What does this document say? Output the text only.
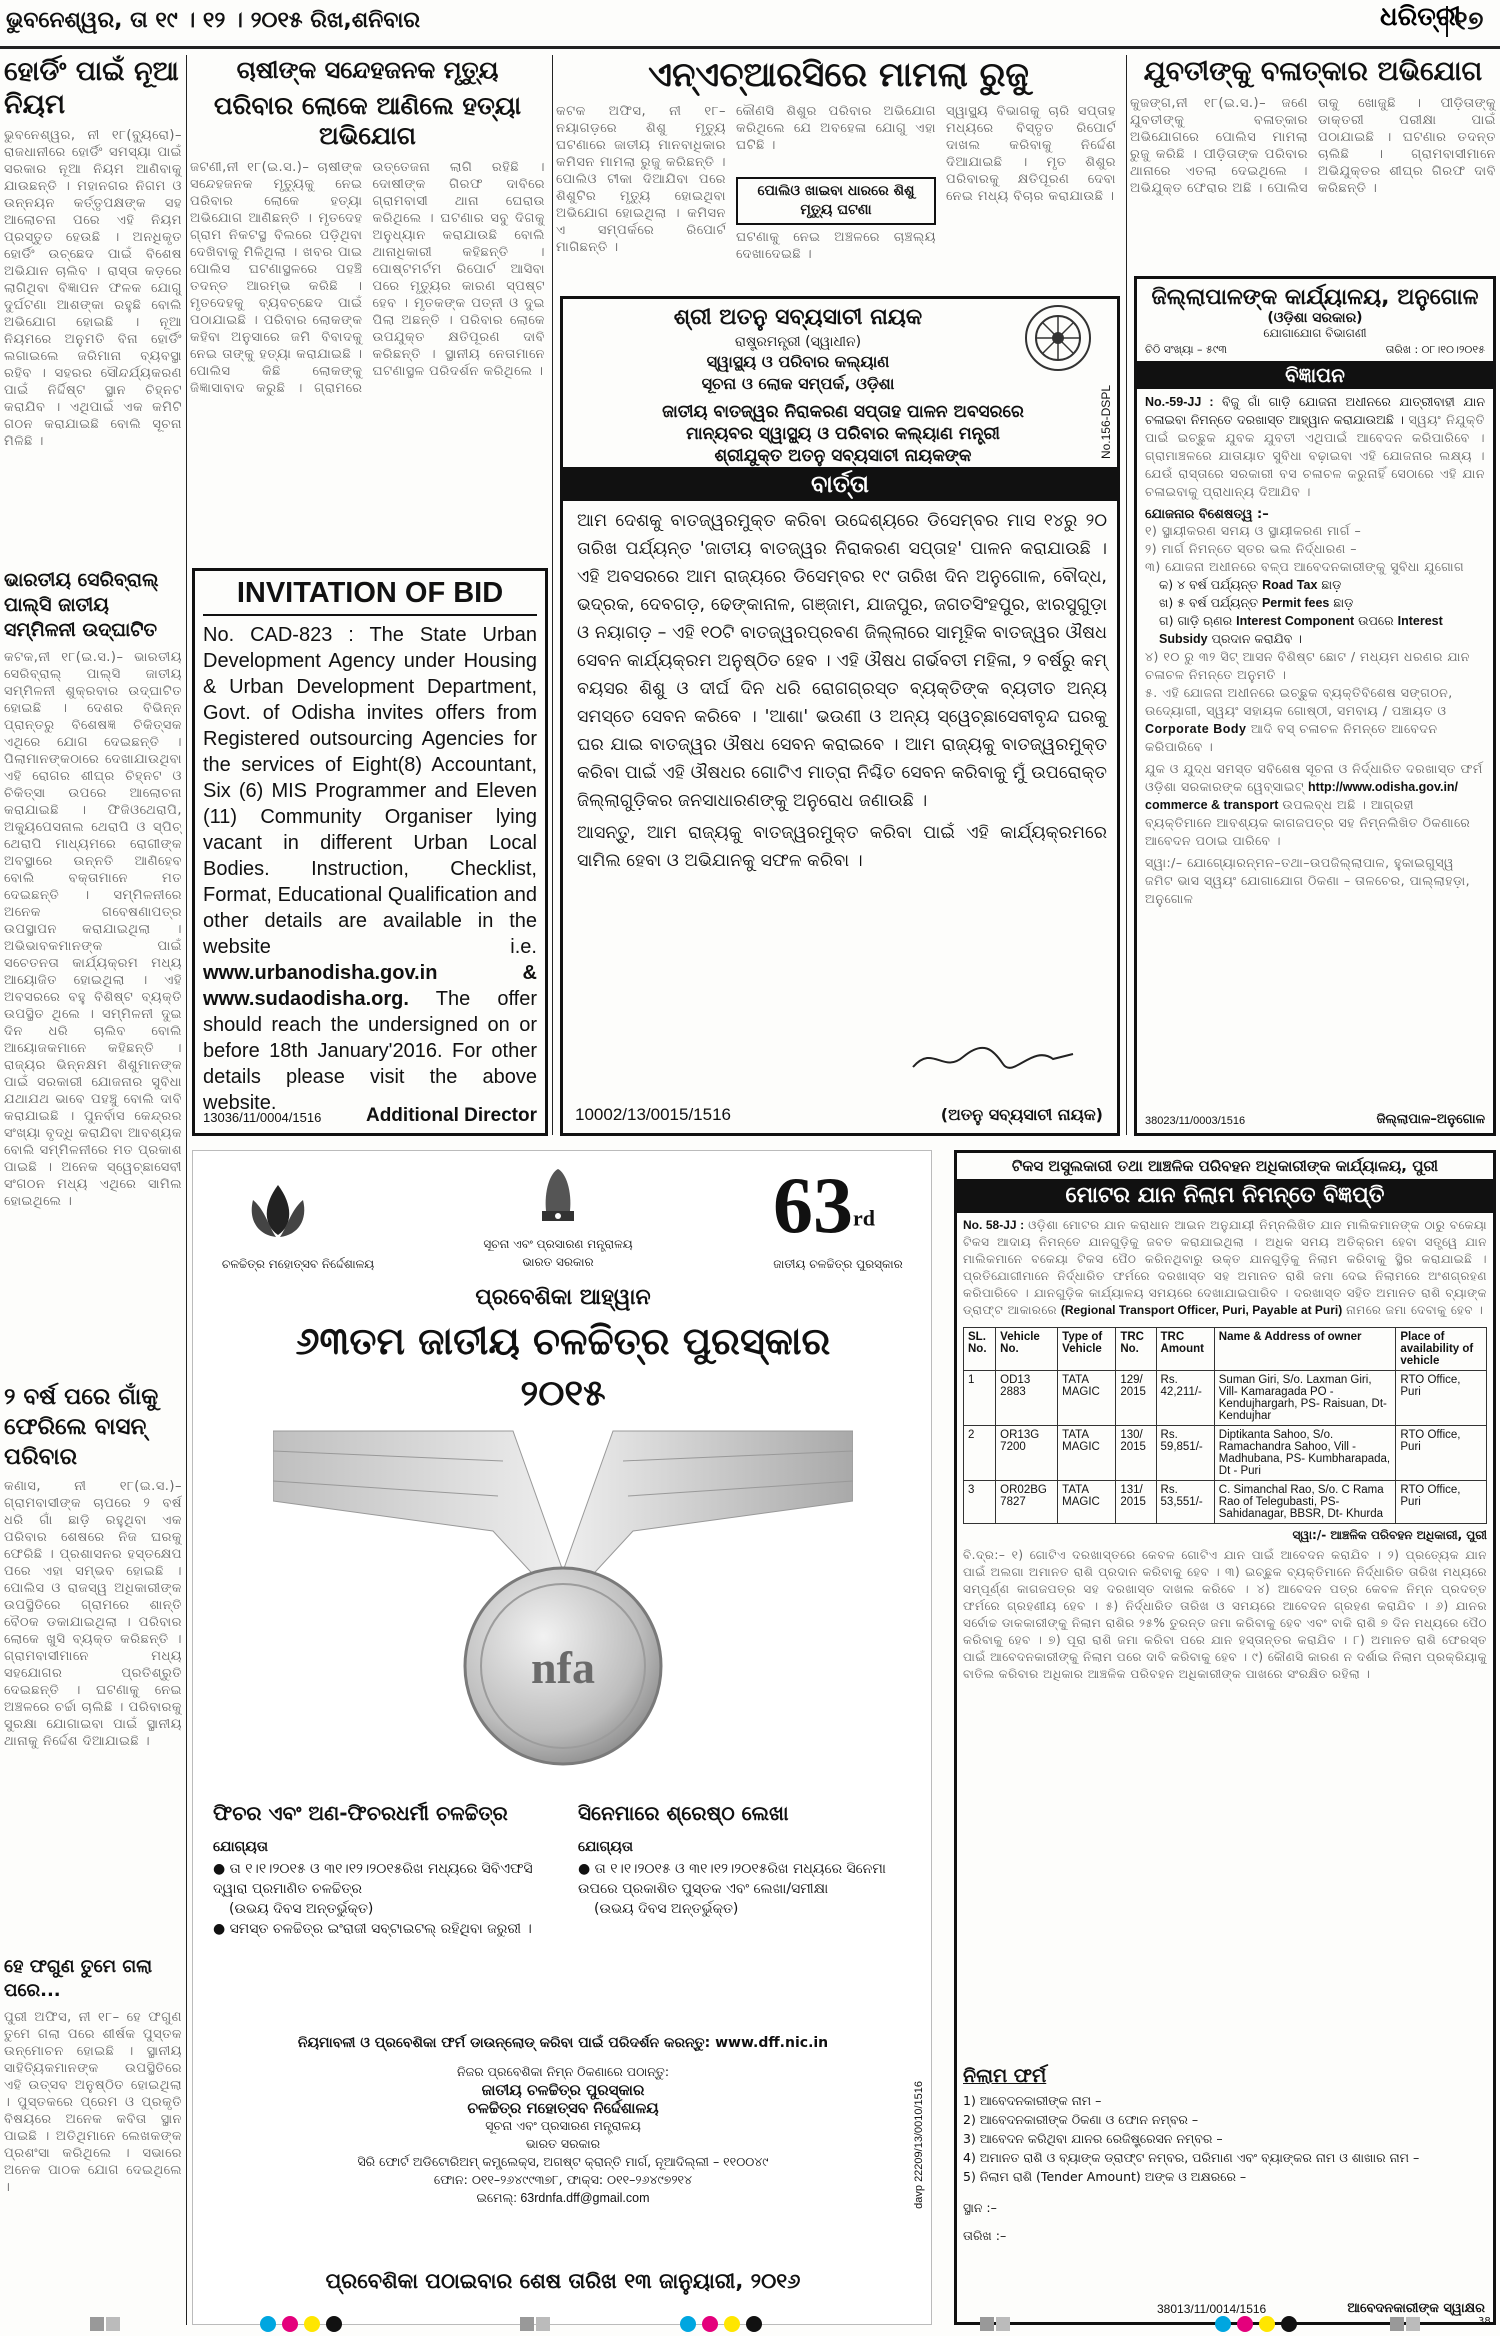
ଭୁବନେଶ୍ୱର, ତା ୧୯ । ୧୨ । ୨୦୧୫ ରିଖ,ଶନିବାର	ଧରିତ୍ରୀ
୧୭
ହୋର୍ଡିଂ ପାଇଁ ନୂଆ ନିୟମ
ଭୁବନେଶ୍ୱର, ନୀ ୧୮(ବ୍ୟୁରୋ)– ରାଜଧାନୀରେ ହୋର୍ଡିଂ ସମସ୍ୟା ପାଇଁ ସରକାର ନୂଆ ନିୟମ ଆଣିବାକୁ ଯାଉଛନ୍ତି । ମହାନଗର ନିଗମ ଓ ଉନ୍ନୟନ କର୍ତ୍ତୃପକ୍ଷଙ୍କ ସହ ଆଲୋଚନା ପରେ ଏହି ନିୟମ ପ୍ରସ୍ତୁତ ହେଉଛି । ଅନଧିକୃତ ହୋର୍ଡିଂ ଉଚ୍ଛେଦ ପାଇଁ ବିଶେଷ ଅଭିଯାନ ଚାଲିବ । ରାସ୍ତା କଡ଼ରେ ଲାଗିଥିବା ବିଜ୍ଞାପନ ଫଳକ ଯୋଗୁ ଦୁର୍ଘଟଣା ଆଶଙ୍କା ରହୁଛି ବୋଲି ଅଭିଯୋଗ ହୋଇଛି । ନୂଆ ନିୟମରେ ଅନୁମତି ବିନା ହୋର୍ଡିଂ ଲଗାଇଲେ ଜରିମାନା ବ୍ୟବସ୍ଥା ରହିବ । ସହରର ସୌନ୍ଦର୍ଯ୍ୟକରଣ ପାଇଁ ନିର୍ଦ୍ଦିଷ୍ଟ ସ୍ଥାନ ଚିହ୍ନଟ କରାଯିବ । ଏଥିପାଇଁ ଏକ କମିଟି ଗଠନ କରାଯାଇଛି ବୋଲି ସୂଚନା ମିଳିଛି ।
ଭାରତୀୟ ସେରିବ୍ରାଲ୍ ପାଲ୍ସି ଜାତୀୟ ସମ୍ମିଳନୀ ଉଦ୍‌ଘାଟିତ
କଟକ,ନୀ ୧୮(ଇ.ସ.)– ଭାରତୀୟ ସେରିବ୍ରାଲ୍ ପାଲ୍ସି ଜାତୀୟ ସମ୍ମିଳନୀ ଶୁକ୍ରବାର ଉଦ୍‌ଘାଟିତ ହୋଇଛି । ଦେଶର ବିଭିନ୍ନ ପ୍ରାନ୍ତରୁ ବିଶେଷଜ୍ଞ ଚିକିତ୍ସକ ଏଥିରେ ଯୋଗ ଦେଇଛନ୍ତି । ପିଲାମାନଙ୍କଠାରେ ଦେଖାଯାଉଥିବା ଏହି ରୋଗର ଶୀଘ୍ର ଚିହ୍ନଟ ଓ ଚିକିତ୍ସା ଉପରେ ଆଲୋଚନା କରାଯାଇଛି । ଫିଜିଓଥେରାପି, ଅକ୍ୟୁପେସନାଲ ଥେରାପି ଓ ସ୍ପିଚ୍ ଥେରାପି ମାଧ୍ୟମରେ ରୋଗୀଙ୍କ ଅବସ୍ଥାରେ ଉନ୍ନତି ଆଣିହେବ ବୋଲି ବକ୍ତାମାନେ ମତ ଦେଇଛନ୍ତି । ସମ୍ମିଳନୀରେ ଅନେକ ଗବେଷଣାପତ୍ର ଉପସ୍ଥାପନ କରାଯାଇଥିଲା । ଅଭିଭାବକମାନଙ୍କ ପାଇଁ ସଚେତନତା କାର୍ଯ୍ୟକ୍ରମ ମଧ୍ୟ ଆୟୋଜିତ ହୋଇଥିଲା । ଏହି ଅବସରରେ ବହୁ ବିଶିଷ୍ଟ ବ୍ୟକ୍ତି ଉପସ୍ଥିତ ଥିଲେ । ସମ୍ମିଳନୀ ଦୁଇ ଦିନ ଧରି ଚାଲିବ ବୋଲି ଆୟୋଜକମାନେ କହିଛନ୍ତି । ରାଜ୍ୟର ଭିନ୍ନକ୍ଷମ ଶିଶୁମାନଙ୍କ ପାଇଁ ସରକାରୀ ଯୋଜନାର ସୁବିଧା ଯଥାଯଥ ଭାବେ ପହଞ୍ଚୁ ବୋଲି ଦାବି କରାଯାଇଛି । ପୁନର୍ବାସ କେନ୍ଦ୍ରର ସଂଖ୍ୟା ବୃଦ୍ଧି କରାଯିବା ଆବଶ୍ୟକ ବୋଲି ସମ୍ମିଳନୀରେ ମତ ପ୍ରକାଶ ପାଇଛି । ଅନେକ ସ୍ୱେଚ୍ଛାସେବୀ ସଂଗଠନ ମଧ୍ୟ ଏଥିରେ ସାମିଲ ହୋଇଥିଲେ ।
୨ ବର୍ଷ ପରେ ଗାଁକୁ ଫେରିଲେ ବାସନ୍ ପରିବାର
କଣାସ, ନୀ ୧୮(ଇ.ସ.)– ଗ୍ରାମବାସୀଙ୍କ ଚାପରେ ୨ ବର୍ଷ ଧରି ଗାଁ ଛାଡ଼ି ରହୁଥିବା ଏକ ପରିବାର ଶେଷରେ ନିଜ ଘରକୁ ଫେରିଛି । ପ୍ରଶାସନର ହସ୍ତକ୍ଷେପ ପରେ ଏହା ସମ୍ଭବ ହୋଇଛି । ପୋଲିସ ଓ ରାଜସ୍ୱ ଅଧିକାରୀଙ୍କ ଉପସ୍ଥିତିରେ ଗ୍ରାମରେ ଶାନ୍ତି ବୈଠକ ଡକାଯାଇଥିଲା । ପରିବାର ଲୋକେ ଖୁସି ବ୍ୟକ୍ତ କରିଛନ୍ତି । ଗ୍ରାମବାସୀମାନେ ମଧ୍ୟ ସହଯୋଗର ପ୍ରତିଶ୍ରୁତି ଦେଇଛନ୍ତି । ଘଟଣାକୁ ନେଇ ଅଞ୍ଚଳରେ ଚର୍ଚ୍ଚା ଚାଲିଛି । ପରିବାରକୁ ସୁରକ୍ଷା ଯୋଗାଇବା ପାଇଁ ସ୍ଥାନୀୟ ଥାନାକୁ ନିର୍ଦ୍ଦେଶ ଦିଆଯାଇଛି ।
ହେ ଫଗୁଣ ତୁମେ ଗଲା ପରେ...
ପୁରୀ ଅଫିସ, ନୀ ୧୮– ହେ ଫଗୁଣ ତୁମେ ଗଲା ପରେ ଶୀର୍ଷକ ପୁସ୍ତକ ଉନ୍ମୋଚନ ହୋଇଛି । ସ୍ଥାନୀୟ ସାହିତ୍ୟିକମାନଙ୍କ ଉପସ୍ଥିତିରେ ଏହି ଉତ୍ସବ ଅନୁଷ୍ଠିତ ହୋଇଥିଲା । ପୁସ୍ତକରେ ପ୍ରେମ ଓ ପ୍ରକୃତି ବିଷୟରେ ଅନେକ କବିତା ସ୍ଥାନ ପାଇଛି । ଅତିଥିମାନେ ଲେଖକଙ୍କ ପ୍ରଶଂସା କରିଥିଲେ । ସଭାରେ ଅନେକ ପାଠକ ଯୋଗ ଦେଇଥିଲେ ।
ଚାଷୀଙ୍କ ସନ୍ଦେହଜନକ ମୃତ୍ୟୁ
ପରିବାର ଲୋକେ ଆଣିଲେ ହତ୍ୟା ଅଭିଯୋଗ
ଜଟଣୀ,ନୀ ୧୮(ଇ.ସ.)– ଚାଷୀଙ୍କ ସନ୍ଦେହଜନକ ମୃତ୍ୟୁକୁ ନେଇ ପରିବାର ଲୋକେ ହତ୍ୟା ଅଭିଯୋଗ ଆଣିଛନ୍ତି । ମୃତଦେହ ଗ୍ରାମ ନିକଟସ୍ଥ ବିଲରେ ପଡ଼ିଥିବା ଦେଖିବାକୁ ମିଳିଥିଲା । ଖବର ପାଇ ପୋଲିସ ଘଟଣାସ୍ଥଳରେ ପହଞ୍ଚି ତଦନ୍ତ ଆରମ୍ଭ କରିଛି । ମୃତଦେହକୁ ବ୍ୟବଚ୍ଛେଦ ପାଇଁ ପଠାଯାଇଛି । ପରିବାର ଲୋକଙ୍କ କହିବା ଅନୁସାରେ ଜମି ବିବାଦକୁ ନେଇ ତାଙ୍କୁ ହତ୍ୟା କରାଯାଇଛି । ପୋଲିସ କିଛି ଲୋକଙ୍କୁ ଜିଜ୍ଞାସାବାଦ କରୁଛି । ଗ୍ରାମରେ ଉତ୍ତେଜନା ଲାଗି ରହିଛି । ଦୋଷୀଙ୍କ ଗିରଫ ଦାବିରେ ଗ୍ରାମବାସୀ ଥାନା ଘେରାଉ କରିଥିଲେ । ଘଟଣାର ସବୁ ଦିଗକୁ ଅନୁଧ୍ୟାନ କରାଯାଉଛି ବୋଲି ଥାନାଧିକାରୀ କହିଛନ୍ତି । ପୋଷ୍ଟମର୍ଟମ ରିପୋର୍ଟ ଆସିବା ପରେ ମୃତ୍ୟୁର କାରଣ ସ୍ପଷ୍ଟ ହେବ । ମୃତକଙ୍କ ପତ୍ନୀ ଓ ଦୁଇ ପିଲା ଅଛନ୍ତି । ପରିବାର ଲୋକେ ଉପଯୁକ୍ତ କ୍ଷତିପୂରଣ ଦାବି କରିଛନ୍ତି । ସ୍ଥାନୀୟ ନେତାମାନେ ଘଟଣାସ୍ଥଳ ପରିଦର୍ଶନ କରିଥିଲେ ।
INVITATION OF BID
No. CAD-823 : The State Urban Development Agency under Housing & Urban Development Department, Govt. of Odisha invites offers from Registered outsourcing Agencies for the services of Eight(8) Accountant, Six (6) MIS Programmer and Eleven (11) Community Organiser lying vacant in different Urban Local Bodies. Instruction, Checklist, Format, Educational Qualification and other details are available in the website i.e. www.urbanodisha.gov.in & www.sudaodisha.org. The offer should reach the undersigned on or before 18th January'2016. For other details please visit the above website.
13036/11/0004/1516 Additional Director
ଏନ୍‌ଏଚ୍‌ଆରସିରେ ମାମଲା ରୁଜୁ
କଟକ ଅଫିସ, ନୀ ୧୮– ନୟାଗଡ଼ରେ ଶିଶୁ ମୃତ୍ୟୁ ଘଟଣାରେ ଜାତୀୟ ମାନବାଧିକାର କମିସନ ମାମଲା ରୁଜୁ କରିଛନ୍ତି । ପୋଲିଓ ଟୀକା ଦିଆଯିବା ପରେ ଶିଶୁଟିର ମୃତ୍ୟୁ ହୋଇଥିବା ଅଭିଯୋଗ ହୋଇଥିଲା । କମିସନ ଏ ସମ୍ପର୍କରେ ରିପୋର୍ଟ ମାଗିଛନ୍ତି ।
କୌଣସି ଶିଶୁର ପରିବାର ଅଭିଯୋଗ କରିଥିଲେ ଯେ ଅବହେଳା ଯୋଗୁ ଏହା ଘଟିଛି ।
ପୋଲିଓ ଖାଇବା ଧାରରେ ଶିଶୁ ମୃତ୍ୟୁ ଘଟଣା
ଘଟଣାକୁ ନେଇ ଅଞ୍ଚଳରେ ଚାଞ୍ଚଲ୍ୟ ଦେଖାଦେଇଛି ।
ସ୍ୱାସ୍ଥ୍ୟ ବିଭାଗକୁ ଚାରି ସପ୍ତାହ ମଧ୍ୟରେ ବିସ୍ତୃତ ରିପୋର୍ଟ ଦାଖଲ କରିବାକୁ ନିର୍ଦ୍ଦେଶ ଦିଆଯାଇଛି । ମୃତ ଶିଶୁର ପରିବାରକୁ କ୍ଷତିପୂରଣ ଦେବା ନେଇ ମଧ୍ୟ ବିଚାର କରାଯାଉଛି ।
ଶ୍ରୀ ଅତନୁ ସବ୍ୟସାଚୀ ନାୟକ
ରାଷ୍ଟ୍ରମନ୍ତ୍ରୀ (ସ୍ୱାଧୀନ)
ସ୍ୱାସ୍ଥ୍ୟ ଓ ପରିବାର କଲ୍ୟାଣ
ସୂଚନା ଓ ଲୋକ ସମ୍ପର୍କ, ଓଡ଼ିଶା
No.156-DSPL
ଜାତୀୟ ବାତଜ୍ୱର ନିରାକରଣ ସପ୍ତାହ ପାଳନ ଅବସରରେ
ମାନ୍ୟବର ସ୍ୱାସ୍ଥ୍ୟ ଓ ପରିବାର କଲ୍ୟାଣ ମନ୍ତ୍ରୀ
ଶ୍ରୀଯୁକ୍ତ ଅତନୁ ସବ୍ୟସାଚୀ ନାୟକଙ୍କ
ବାର୍ତ୍ତା
ଆମ ଦେଶକୁ ବାତଜ୍ୱରମୁକ୍ତ କରିବା ଉଦ୍ଦେଶ୍ୟରେ ଡିସେମ୍ବର ମାସ ୧୪ରୁ ୨୦ ତାରିଖ ପର୍ଯ୍ୟନ୍ତ 'ଜାତୀୟ ବାତଜ୍ୱର ନିରାକରଣ ସପ୍ତାହ' ପାଳନ କରାଯାଉଛି । ଏହି ଅବସରରେ ଆମ ରାଜ୍ୟରେ ଡିସେମ୍ବର ୧୯ ତାରିଖ ଦିନ ଅନୁଗୋଳ, ବୌଦ୍ଧ, ଭଦ୍ରକ, ଦେବଗଡ଼, ଢେଙ୍କାନାଳ, ଗଞ୍ଜାମ, ଯାଜପୁର, ଜଗତସିଂହପୁର, ଝାରସୁଗୁଡ଼ା ଓ ନୟାଗଡ଼ – ଏହି ୧୦ଟି ବାତଜ୍ୱରପ୍ରବଣ ଜିଲ୍ଲାରେ ସାମୂହିକ ବାତଜ୍ୱର ଔଷଧ ସେବନ କାର୍ଯ୍ୟକ୍ରମ ଅନୁଷ୍ଠିତ ହେବ । ଏହି ଔଷଧ ଗର୍ଭବତୀ ମହିଳା, ୨ ବର୍ଷରୁ କମ୍ ବୟସର ଶିଶୁ ଓ ଦୀର୍ଘ ଦିନ ଧରି ରୋଗଗ୍ରସ୍ତ ବ୍ୟକ୍ତିଙ୍କ ବ୍ୟତୀତ ଅନ୍ୟ ସମସ୍ତେ ସେବନ କରିବେ । 'ଆଶା' ଭଉଣୀ ଓ ଅନ୍ୟ ସ୍ୱେଚ୍ଛାସେବୀବୃନ୍ଦ ଘରକୁ ଘର ଯାଇ ବାତଜ୍ୱର ଔଷଧ ସେବନ କରାଇବେ । ଆମ ରାଜ୍ୟକୁ ବାତଜ୍ୱରମୁକ୍ତ କରିବା ପାଇଁ ଏହି ଔଷଧର ଗୋଟିଏ ମାତ୍ରା ନିଶ୍ଚିତ ସେବନ କରିବାକୁ ମୁଁ ଉପରୋକ୍ତ ଜିଲ୍ଲାଗୁଡ଼ିକର ଜନସାଧାରଣଙ୍କୁ ଅନୁରୋଧ ଜଣାଉଛି ।
ଆସନ୍ତୁ, ଆମ ରାଜ୍ୟକୁ ବାତଜ୍ୱରମୁକ୍ତ କରିବା ପାଇଁ ଏହି କାର୍ଯ୍ୟକ୍ରମରେ ସାମିଲ ହେବା ଓ ଅଭିଯାନକୁ ସଫଳ କରିବା ।
10002/13/0015/1516	(ଅତନୁ ସବ୍ୟସାଚୀ ନାୟକ)
ଯୁବତୀଙ୍କୁ ବଳାତ୍କାର ଅଭିଯୋଗ
କୁଜଙ୍ଗ,ନୀ ୧୮(ଇ.ସ.)– ଜଣେ ଯୁବତୀଙ୍କୁ ବଳାତ୍କାର ଅଭିଯୋଗରେ ପୋଲିସ ମାମଲା ରୁଜୁ କରିଛି । ପୀଡ଼ିତାଙ୍କ ପରିବାର ଥାନାରେ ଏତଲା ଦେଇଥିଲେ । ଅଭିଯୁକ୍ତ ଫେରାର ଅଛି । ପୋଲିସ ତାକୁ ଖୋଜୁଛି । ପୀଡ଼ିତାଙ୍କୁ ଡାକ୍ତରୀ ପରୀକ୍ଷା ପାଇଁ ପଠାଯାଇଛି । ଘଟଣାର ତଦନ୍ତ ଚାଲିଛି । ଗ୍ରାମବାସୀମାନେ ଅଭିଯୁକ୍ତର ଶୀଘ୍ର ଗିରଫ ଦାବି କରିଛନ୍ତି ।
ଜିଲ୍ଲାପାଳଙ୍କ କାର୍ଯ୍ୟାଳୟ, ଅନୁଗୋଳ
(ଓଡ଼ିଶା ସରକାର)
ଯୋଗାଯୋଗ ବିଭାଗଣୀ
ଚିଠି ସଂଖ୍ୟା – ୫୯୩	ତାରିଖ : ୦୮।୧୦।୨୦୧୫
ବିଜ୍ଞାପନ
No.-59-JJ : ବିଜୁ ଗାଁ ଗାଡ଼ି ଯୋଜନା ଅଧୀନରେ ଯାତ୍ରୀବାହୀ ଯାନ ଚଳାଇବା ନିମନ୍ତେ ଦରଖାସ୍ତ ଆହ୍ୱାନ କରାଯାଉଅଛି । ସ୍ୱୟଂ ନିଯୁକ୍ତି ପାଇଁ ଇଚ୍ଛୁକ ଯୁବକ ଯୁବତୀ ଏଥିପାଇଁ ଆବେଦନ କରିପାରିବେ । ଗ୍ରାମାଞ୍ଚଳରେ ଯାତାୟାତ ସୁବିଧା ବଢ଼ାଇବା ଏହି ଯୋଜନାର ଲକ୍ଷ୍ୟ । ଯେଉଁ ରାସ୍ତାରେ ସରକାରୀ ବସ ଚଳାଚଳ କରୁନାହିଁ ସେଠାରେ ଏହି ଯାନ ଚଳାଇବାକୁ ପ୍ରାଧାନ୍ୟ ଦିଆଯିବ ।
ଯୋଜନାର ବିଶେଷତ୍ୱ :–
୧) ସ୍ଥାୟୀକରଣ ସମୟ ଓ ସ୍ଥାୟୀକରଣ ମାର୍ଗ –
୨) ମାର୍ଗ ନିମନ୍ତେ ସ୍ତର ଭଲ ନିର୍ଦ୍ଧାରଣ –
୩) ଯୋଜନା ଅଧୀନରେ ବଳ୍ପ ଆବେଦନକାରୀଙ୍କୁ ସୁବିଧା ଯୁଗୋଗ
କ) ୪ ବର୍ଷ ପର୍ଯ୍ୟନ୍ତ Road Tax ଛାଡ଼
ଖ) ୫ ବର୍ଷ ପର୍ଯ୍ୟନ୍ତ Permit fees ଛାଡ଼
ଗ) ଗାଡ଼ି ଋଣର Interest Component ଉପରେ Interest Subsidy ପ୍ରଦାନ କରାଯିବ ।
୪) ୧୦ ରୁ ୩୨ ସିଟ୍ ଆସନ ବିଶିଷ୍ଟ ଛୋଟ / ମଧ୍ୟମ ଧରଣର ଯାନ ଚଳାଚଳ ନିମନ୍ତେ ଅନୁମତି ।
୫. ଏହି ଯୋଜନା ଅଧୀନରେ ଇଚ୍ଛୁକ ବ୍ୟକ୍ତିବିଶେଷ ସଙ୍ଗଠନ, ଉଦ୍ୟୋଗୀ, ସ୍ୱୟଂ ସହାୟକ ଗୋଷ୍ଠୀ, ସମବାୟ / ପଞ୍ଚାୟତ ଓ Corporate Body ଆଦି ବସ୍ ଚଳାଚଳ ନିମନ୍ତେ ଆବେଦନ କରିପାରିବେ ।
ଯୁକ ଓ ଯୁଦ୍ଧ ସମସ୍ତ ସବିଶେଷ ସୂଚନା ଓ ନିର୍ଦ୍ଧାରିତ ଦରଖାସ୍ତ ଫର୍ମ ଓଡ଼ିଶା ସରକାରଙ୍କ ୱେବ୍‌ସାଇଟ୍ http://www.odisha.gov.in/ commerce & transport ଉପଲବ୍ଧ ଅଛି । ଆଗ୍ରହୀ ବ୍ୟକ୍ତିମାନେ ଆବଶ୍ୟକ କାଗଜପତ୍ର ସହ ନିମ୍ନଲିଖିତ ଠିକଣାରେ ଆବେଦନ ପଠାଇ ପାରିବେ ।
ସ୍ୱା:/– ଯୋଗ୍ୟୋରନ୍ମନ–ତଥା–ଉପଜିଲ୍ଲାପାଳ, ହୁକାଇଗୁସ୍ୱ ଜମିଟ ଭାସ ସ୍ୱୟଂ ଯୋଗାଯୋଗ ଠିକଣା – ତାଳଚେର, ପାଲ୍ଲାହଡ଼ା, ଅନୁଗୋଳ
38023/11/0003/1516	ଜିଲ୍ଲାପାଳ–ଅନୁଗୋଳ
ଚଳଚ୍ଚିତ୍ର ମହୋତ୍ସବ ନିର୍ଦ୍ଦେଶାଳୟ
ସୂଚନା ଏବଂ ପ୍ରସାରଣ ମନ୍ତ୍ରାଳୟ
ଭାରତ ସରକାର
63rd
ଜାତୀୟ ଚଳଚ୍ଚିତ୍ର ପୁରସ୍କାର
ପ୍ରବେଶିକା ଆହ୍ୱାନ
୬୩ତମ ଜାତୀୟ ଚଳଚ୍ଚିତ୍ର ପୁରସ୍କାର
୨୦୧୫
nfa
ଫିଚର ଏବଂ ଅଣ-ଫିଚରଧର୍ମୀ ଚଳଚ୍ଚିତ୍ର
ଯୋଗ୍ୟତା
● ତା ୧।୧।୨୦୧୫ ଓ ୩୧।୧୨।୨୦୧୫ରିଖ ମଧ୍ୟରେ ସିବିଏଫସି ଦ୍ୱାରା ପ୍ରମାଣିତ ଚଳଚ୍ଚିତ୍ର
(ଉଭୟ ଦିବସ ଅନ୍ତର୍ଭୁକ୍ତ)
● ସମସ୍ତ ଚଳଚ୍ଚିତ୍ର ଇଂରାଜୀ ସବ୍‌ଟାଇଟଲ୍ ରହିଥିବା ଜରୁରୀ ।
ସିନେମାରେ ଶ୍ରେଷ୍ଠ ଲେଖା
ଯୋଗ୍ୟତା
● ତା ୧।୧।୨୦୧୫ ଓ ୩୧।୧୨।୨୦୧୫ରିଖ ମଧ୍ୟରେ ସିନେମା ଉପରେ ପ୍ରକାଶିତ ପୁସ୍ତକ ଏବଂ ଲେଖା/ସମୀକ୍ଷା
(ଉଭୟ ଦିବସ ଅନ୍ତର୍ଭୁକ୍ତ)
ନିୟମାବଳୀ ଓ ପ୍ରବେଶିକା ଫର୍ମ ଡାଉନ୍‌ଲୋଡ୍ କରିବା ପାଇଁ ପରିଦର୍ଶନ କରନ୍ତୁ: www.dff.nic.in
ନିଜର ପ୍ରବେଶିକା ନିମ୍ନ ଠିକଣାରେ ପଠାନ୍ତୁ:
ଜାତୀୟ ଚଳଚ୍ଚିତ୍ର ପୁରସ୍କାର
ଚଳଚ୍ଚିତ୍ର ମହୋତ୍ସବ ନିର୍ଦ୍ଦେଶାଳୟ
ସୂଚନା ଏବଂ ପ୍ରସାରଣ ମନ୍ତ୍ରାଳୟ
ଭାରତ ସରକାର
ସିରି ଫୋର୍ଟ ଅଡିଟୋରିଅମ୍ କମ୍ପ୍ଲେକ୍ସ, ଅଗଷ୍ଟ କ୍ରାନ୍ତି ମାର୍ଗ, ନୂଆଦିଲ୍ଲୀ – ୧୧୦୦୪୯
ଫୋନ: ୦୧୧–୨୬୪୯୯୩୭୮, ଫାକ୍ସ: ୦୧୧–୨୬୪୯୭୨୧୪
ଇମେଲ୍: 63rdnfa.dff@gmail.com	davp 22209/13/0010/1516
ପ୍ରବେଶିକା ପଠାଇବାର ଶେଷ ତାରିଖ ୧୩ ଜାନୁୟାରୀ, ୨୦୧୬
ଟିକସ ଅସୁଲକାରୀ ତଥା ଆଞ୍ଚଳିକ ପରିବହନ ଅଧିକାରୀଙ୍କ କାର୍ଯ୍ୟାଳୟ, ପୁରୀ
ମୋଟର ଯାନ ନିଲାମ ନିମନ୍ତେ ବିଜ୍ଞପ୍ତି
No. 58-JJ : ଓଡ଼ିଶା ମୋଟର ଯାନ କରାଧାନ ଆଇନ ଅନୁଯାୟୀ ନିମ୍ନଲିଖିତ ଯାନ ମାଲିକମାନଙ୍କ ଠାରୁ ବକେୟା ଟିକସ ଆଦାୟ ନିମନ୍ତେ ଯାନଗୁଡ଼ିକୁ ଜବତ କରାଯାଇଥିଲା । ଅଧିକ ସମୟ ଅତିକ୍ରମ ହେବା ସତ୍ତ୍ୱେ ଯାନ ମାଲିକମାନେ ବକେୟା ଟିକସ ପୈଠ କରିନଥିବାରୁ ଉକ୍ତ ଯାନଗୁଡ଼ିକୁ ନିଲାମ କରିବାକୁ ସ୍ଥିର କରାଯାଇଛି । ପ୍ରତିଯୋଗୀମାନେ ନିର୍ଦ୍ଧାରିତ ଫର୍ମରେ ଦରଖାସ୍ତ ସହ ଅମାନତ ରାଶି ଜମା ଦେଇ ନିଲାମରେ ଅଂଶଗ୍ରହଣ କରିପାରିବେ । ଯାନଗୁଡ଼ିକ କାର୍ଯ୍ୟାଳୟ ସମୟରେ ଦେଖାଯାଇପାରିବ । ଦରଖାସ୍ତ ସହିତ ଅମାନତ ରାଶି ବ୍ୟାଙ୍କ ଡ୍ରାଫ୍ଟ ଆକାରରେ (Regional Transport Officer, Puri, Payable at Puri) ନାମରେ ଜମା ଦେବାକୁ ହେବ ।
SL. No.	Vehicle No.	Type of Vehicle	TRC No.	TRC Amount	Name & Address of owner	Place of availability of vehicle
1	OD13 2883	TATA MAGIC	129/ 2015	Rs. 42,211/-	Suman Giri, S/o. Laxman Giri, Vill- Kamaragada PO - Kendujhargarh, PS- Raisuan, Dt-Kendujhar	RTO Office, Puri
2	OR13G 7200	TATA MAGIC	130/ 2015	Rs. 59,851/-	Diptikanta Sahoo, S/o. Ramachandra Sahoo, Vill - Madhubana, PS- Kumbharapada, Dt - Puri	RTO Office, Puri
3	OR02BG 7827	TATA MAGIC	131/ 2015	Rs. 53,551/-	C. Simanchal Rao, S/o. C Rama Rao of Telegubasti, PS- Sahidanagar, BBSR, Dt- Khurda	RTO Office, Puri
ସ୍ୱା:/- ଆଞ୍ଚଳିକ ପରିବହନ ଅଧିକାରୀ, ପୁରୀ
ବି.ଦ୍ର:– ୧) ଗୋଟିଏ ଦରଖାସ୍ତରେ କେବଳ ଗୋଟିଏ ଯାନ ପାଇଁ ଆବେଦନ କରାଯିବ । ୨) ପ୍ରତ୍ୟେକ ଯାନ ପାଇଁ ଅଲଗା ଅମାନତ ରାଶି ପ୍ରଦାନ କରିବାକୁ ହେବ । ୩) ଇଚ୍ଛୁକ ବ୍ୟକ୍ତିମାନେ ନିର୍ଦ୍ଧାରିତ ତାରିଖ ମଧ୍ୟରେ ସମ୍ପୂର୍ଣ୍ଣ କାଗଜପତ୍ର ସହ ଦରଖାସ୍ତ ଦାଖଲ କରିବେ । ୪) ଆବେଦନ ପତ୍ର କେବଳ ନିମ୍ନ ପ୍ରଦତ୍ତ ଫର୍ମରେ ଗ୍ରହଣୀୟ ହେବ । ୫) ନିର୍ଦ୍ଧାରିତ ତାରିଖ ଓ ସମୟରେ ଆବେଦନ ଗ୍ରହଣ କରାଯିବ । ୬) ଯାନର ସର୍ବୋଚ୍ଚ ଡାକକାରୀଙ୍କୁ ନିଲାମ ରାଶିର ୨୫% ତୁରନ୍ତ ଜମା କରିବାକୁ ହେବ ଏବଂ ବାକି ରାଶି ୭ ଦିନ ମଧ୍ୟରେ ପୈଠ କରିବାକୁ ହେବ । ୭) ପୂରା ରାଶି ଜମା କରିବା ପରେ ଯାନ ହସ୍ତାନ୍ତର କରାଯିବ । ୮) ଅମାନତ ରାଶି ଫେରସ୍ତ ପାଇଁ ଆବେଦନକାରୀଙ୍କୁ ନିଲାମ ପରେ ଦାବି କରିବାକୁ ହେବ । ୯) କୌଣସି କାରଣ ନ ଦର୍ଶାଇ ନିଲାମ ପ୍ରକ୍ରିୟାକୁ ବାତିଲ କରିବାର ଅଧିକାର ଆଞ୍ଚଳିକ ପରିବହନ ଅଧିକାରୀଙ୍କ ପାଖରେ ସଂରକ୍ଷିତ ରହିଲା ।
ନିଲାମ ଫର୍ମ
1) ଆବେଦନକାରୀଙ୍କ ନାମ –
2) ଆବେଦନକାରୀଙ୍କ ଠିକଣା ଓ ଫୋନ ନମ୍ବର –
3) ଆବେଦନ କରିଥିବା ଯାନର ରେଜିଷ୍ଟ୍ରେସନ ନମ୍ବର –
4) ଅମାନତ ରାଶି ଓ ବ୍ୟାଙ୍କ ଡ୍ରାଫ୍ଟ ନମ୍ବର, ପରିମାଣ ଏବଂ ବ୍ୟାଙ୍କର ନାମ ଓ ଶାଖାର ନାମ –
5) ନିଲାମ ରାଶି (Tender Amount) ଅଙ୍କ ଓ ଅକ୍ଷରରେ –
ସ୍ଥାନ :–
ତାରିଖ :–
38013/11/0014/1516	ଆବେଦନକାରୀଙ୍କ ସ୍ୱାକ୍ଷର
38
